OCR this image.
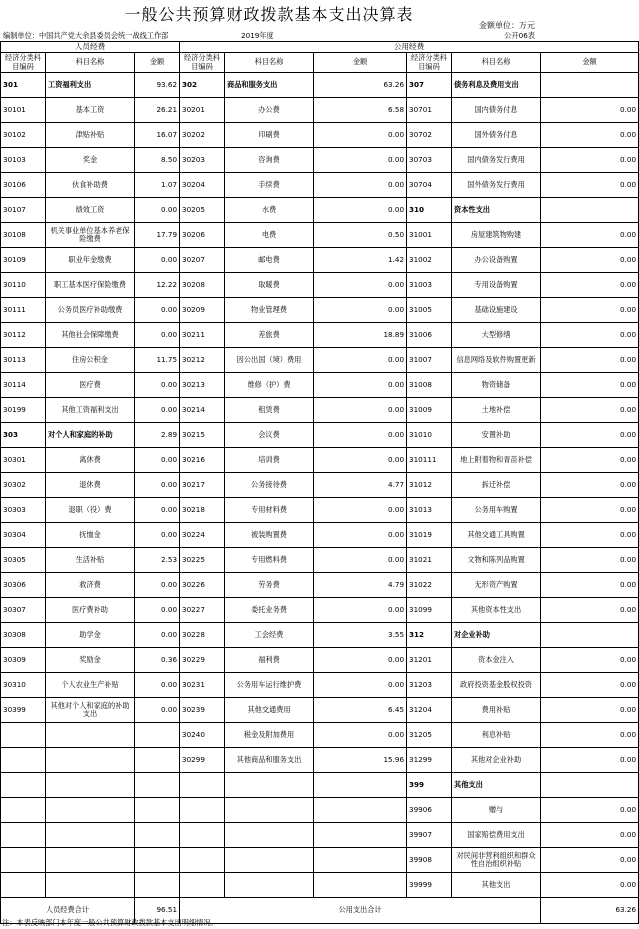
一般公共预算财政拨款基本支出决算表
金额单位：万元
编制单位：中国共产党大余县委员会统一战线工作部	2019年度	公开06表
人员经费			公用经费					
经济分类科目编码	科目名称	金额	经济分类科目编码	科目名称	金额	经济分类科目编码	科目名称	金额
301	工资福利支出	93.62	302	商品和服务支出	63.26	307	债务利息及费用支出	
30101	基本工资	26.21	30201	办公费	6.58	30701	国内债务付息	0.00
30102	津贴补贴	16.07	30202	印刷费	0.00	30702	国外债务付息	0.00
30103	奖金	8.50	30203	咨询费	0.00	30703	国内债务发行费用	0.00
30106	伙食补助费	1.07	30204	手续费	0.00	30704	国外债务发行费用	0.00
30107	绩效工资	0.00	30205	水费	0.00	310	资本性支出	
30108	机关事业单位基本养老保险缴费	17.79	30206	电费	0.50	31001	房屋建筑物购建	0.00
30109	职业年金缴费	0.00	30207	邮电费	1.42	31002	办公设备购置	0.00
30110	职工基本医疗保险缴费	12.22	30208	取暖费	0.00	31003	专用设备购置	0.00
30111	公务员医疗补助缴费	0.00	30209	物业管理费	0.00	31005	基础设施建设	0.00
30112	其他社会保障缴费	0.00	30211	差旅费	18.89	31006	大型修缮	0.00
30113	住房公积金	11.75	30212	因公出国（境）费用	0.00	31007	信息网络及软件购置更新	0.00
30114	医疗费	0.00	30213	维修（护）费	0.00	31008	物资储备	0.00
30199	其他工资福利支出	0.00	30214	租赁费	0.00	31009	土地补偿	0.00
303	对个人和家庭的补助	2.89	30215	会议费	0.00	31010	安置补助	0.00
30301	离休费	0.00	30216	培训费	0.00	310111	地上附着物和青苗补偿	0.00
30302	退休费	0.00	30217	公务接待费	4.77	31012	拆迁补偿	0.00
30303	退职（役）费	0.00	30218	专用材料费	0.00	31013	公务用车购置	0.00
30304	抚恤金	0.00	30224	被装购置费	0.00	31019	其他交通工具购置	0.00
30305	生活补贴	2.53	30225	专用燃料费	0.00	31021	文物和陈列品购置	0.00
30306	救济费	0.00	30226	劳务费	4.79	31022	无形资产购置	0.00
30307	医疗费补助	0.00	30227	委托业务费	0.00	31099	其他资本性支出	0.00
30308	助学金	0.00	30228	工会经费	3.55	312	对企业补助	
30309	奖励金	0.36	30229	福利费	0.00	31201	资本金注入	0.00
30310	个人农业生产补贴	0.00	30231	公务用车运行维护费	0.00	31203	政府投资基金股权投资	0.00
30399	其他对个人和家庭的补助支出	0.00	30239	其他交通费用	6.45	31204	费用补贴	0.00
			30240	税金及附加费用	0.00	31205	利息补贴	0.00
			30299	其他商品和服务支出	15.96	31299	其他对企业补助	0.00
						399	其他支出	
						39906	赠与	0.00
						39907	国家赔偿费用支出	0.00
						39908	对民间非营利组织和群众性自治组织补贴	0.00
						39999	其他支出	0.00
人员经费合计		96.51	公用支出合计					63.26
注：本表反映部门本年度一般公共预算财政拨款基本支出明细情况。
